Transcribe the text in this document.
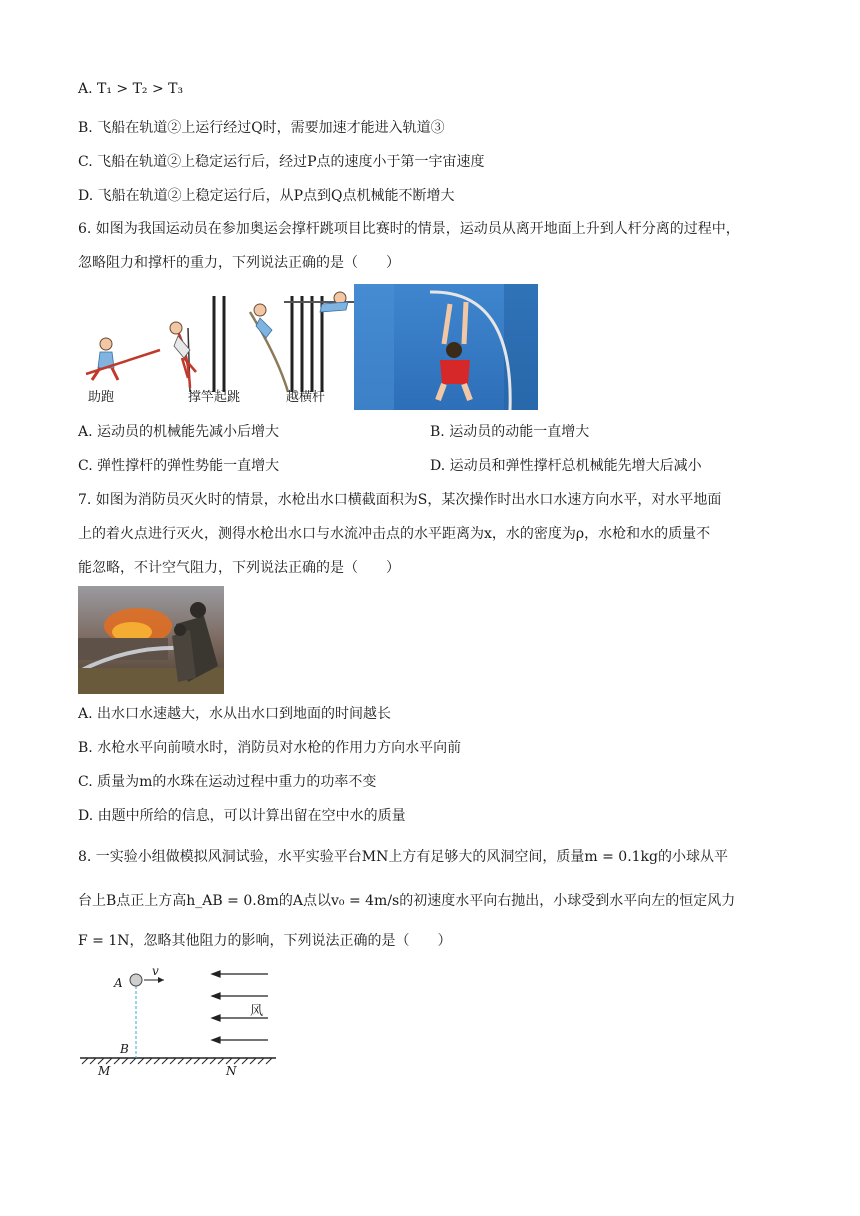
A. T₁ > T₂ > T₃
B. 飞船在轨道②上运行经过Q时，需要加速才能进入轨道③
C. 飞船在轨道②上稳定运行后，经过P点的速度小于第一宇宙速度
D. 飞船在轨道②上稳定运行后，从P点到Q点机械能不断增大
6. 如图为我国运动员在参加奥运会撑杆跳项目比赛时的情景，运动员从离开地面上升到人杆分离的过程中，
忽略阻力和撑杆的重力，下列说法正确的是（　　）
助跑	撑竿起跳	越横杆
A. 运动员的机械能先减小后增大	B. 运动员的动能一直增大
C. 弹性撑杆的弹性势能一直增大	D. 运动员和弹性撑杆总机械能先增大后减小
7. 如图为消防员灭火时的情景，水枪出水口横截面积为S，某次操作时出水口水速方向水平，对水平地面
上的着火点进行灭火，测得水枪出水口与水流冲击点的水平距离为x，水的密度为ρ，水枪和水的质量不
能忽略，不计空气阻力，下列说法正确的是（　　）
A. 出水口水速越大，水从出水口到地面的时间越长
B. 水枪水平向前喷水时，消防员对水枪的作用力方向水平向前
C. 质量为m的水珠在运动过程中重力的功率不变
D. 由题中所给的信息，可以计算出留在空中水的质量
8. 一实验小组做模拟风洞试验，水平实验平台MN上方有足够大的风洞空间，质量m = 0.1kg的小球从平
台上B点正上方高h_AB = 0.8m的A点以v₀ = 4m/s的初速度水平向右抛出，小球受到水平向左的恒定风力
F = 1N，忽略其他阻力的影响，下列说法正确的是（　　）
A
v
风
B
M	N
